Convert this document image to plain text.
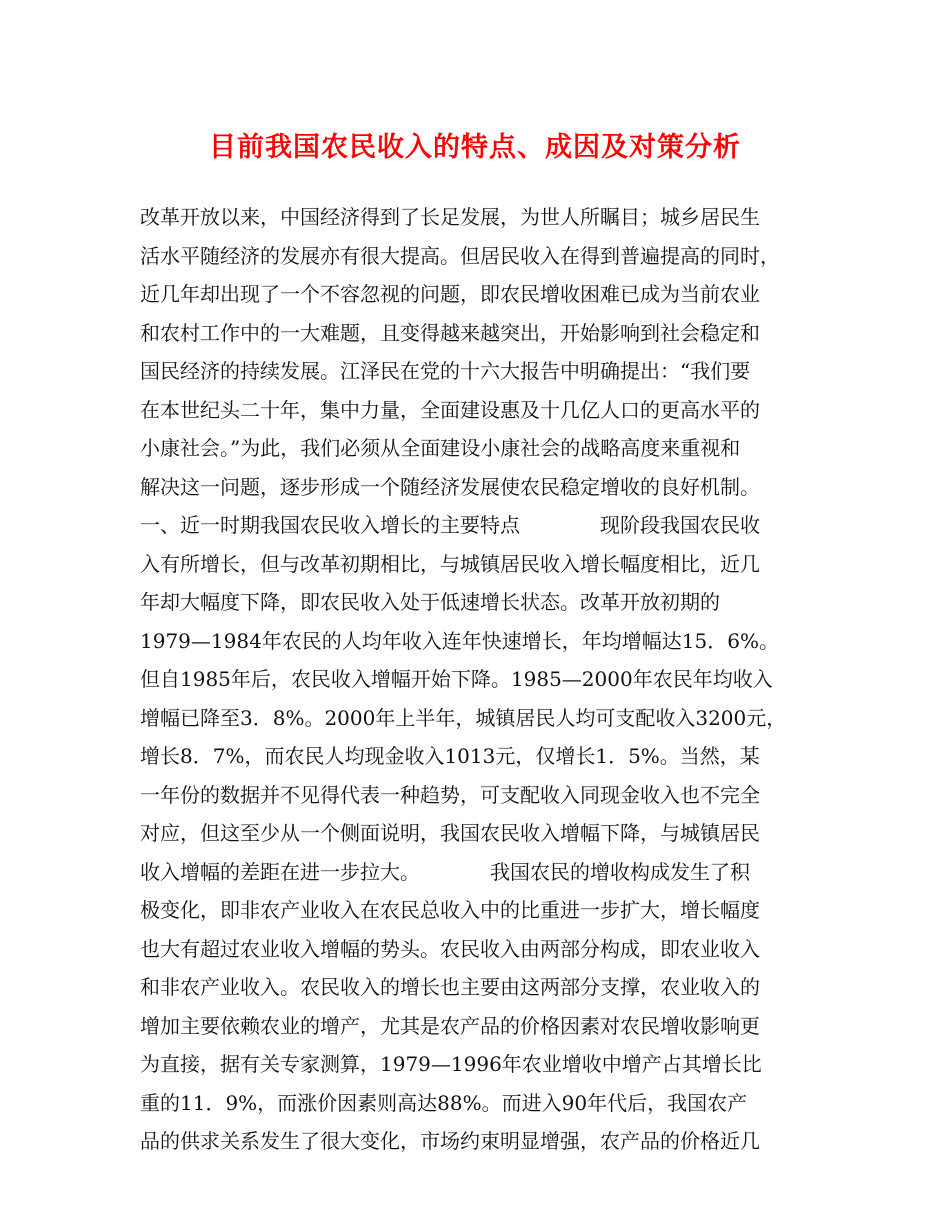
目前我国农民收入的特点、成因及对策分析
改革开放以来，中国经济得到了长足发展，为世人所瞩目；城乡居民生
活水平随经济的发展亦有很大提高。但居民收入在得到普遍提高的同时，
近几年却出现了一个不容忽视的问题，即农民增收困难已成为当前农业
和农村工作中的一大难题，且变得越来越突出，开始影响到社会稳定和
国民经济的持续发展。江泽民在党的十六大报告中明确提出：“我们要
在本世纪头二十年，集中力量，全面建设惠及十几亿人口的更高水平的
小康社会。”为此，我们必须从全面建设小康社会的战略高度来重视和
解决这一问题，逐步形成一个随经济发展使农民稳定增收的良好机制。
一、近一时期我国农民收入增长的主要特点　　　　现阶段我国农民收
入有所增长，但与改革初期相比，与城镇居民收入增长幅度相比，近几
年却大幅度下降，即农民收入处于低速增长状态。改革开放初期的
1979—1984年农民的人均年收入连年快速增长，年均增幅达15．6%。
但自1985年后，农民收入增幅开始下降。1985—2000年农民年均收入
增幅已降至3．8%。2000年上半年，城镇居民人均可支配收入3200元，
增长8．7%，而农民人均现金收入1013元，仅增长1．5%。当然，某
一年份的数据并不见得代表一种趋势，可支配收入同现金收入也不完全
对应，但这至少从一个侧面说明，我国农民收入增幅下降，与城镇居民
收入增幅的差距在进一步拉大。　　　　我国农民的增收构成发生了积
极变化，即非农产业收入在农民总收入中的比重进一步扩大，增长幅度
也大有超过农业收入增幅的势头。农民收入由两部分构成，即农业收入
和非农产业收入。农民收入的增长也主要由这两部分支撑，农业收入的
增加主要依赖农业的增产，尤其是农产品的价格因素对农民增收影响更
为直接，据有关专家测算，1979—1996年农业增收中增产占其增长比
重的11．9%，而涨价因素则高达88%。而进入90年代后，我国农产
品的供求关系发生了很大变化，市场约束明显增强，农产品的价格近几
